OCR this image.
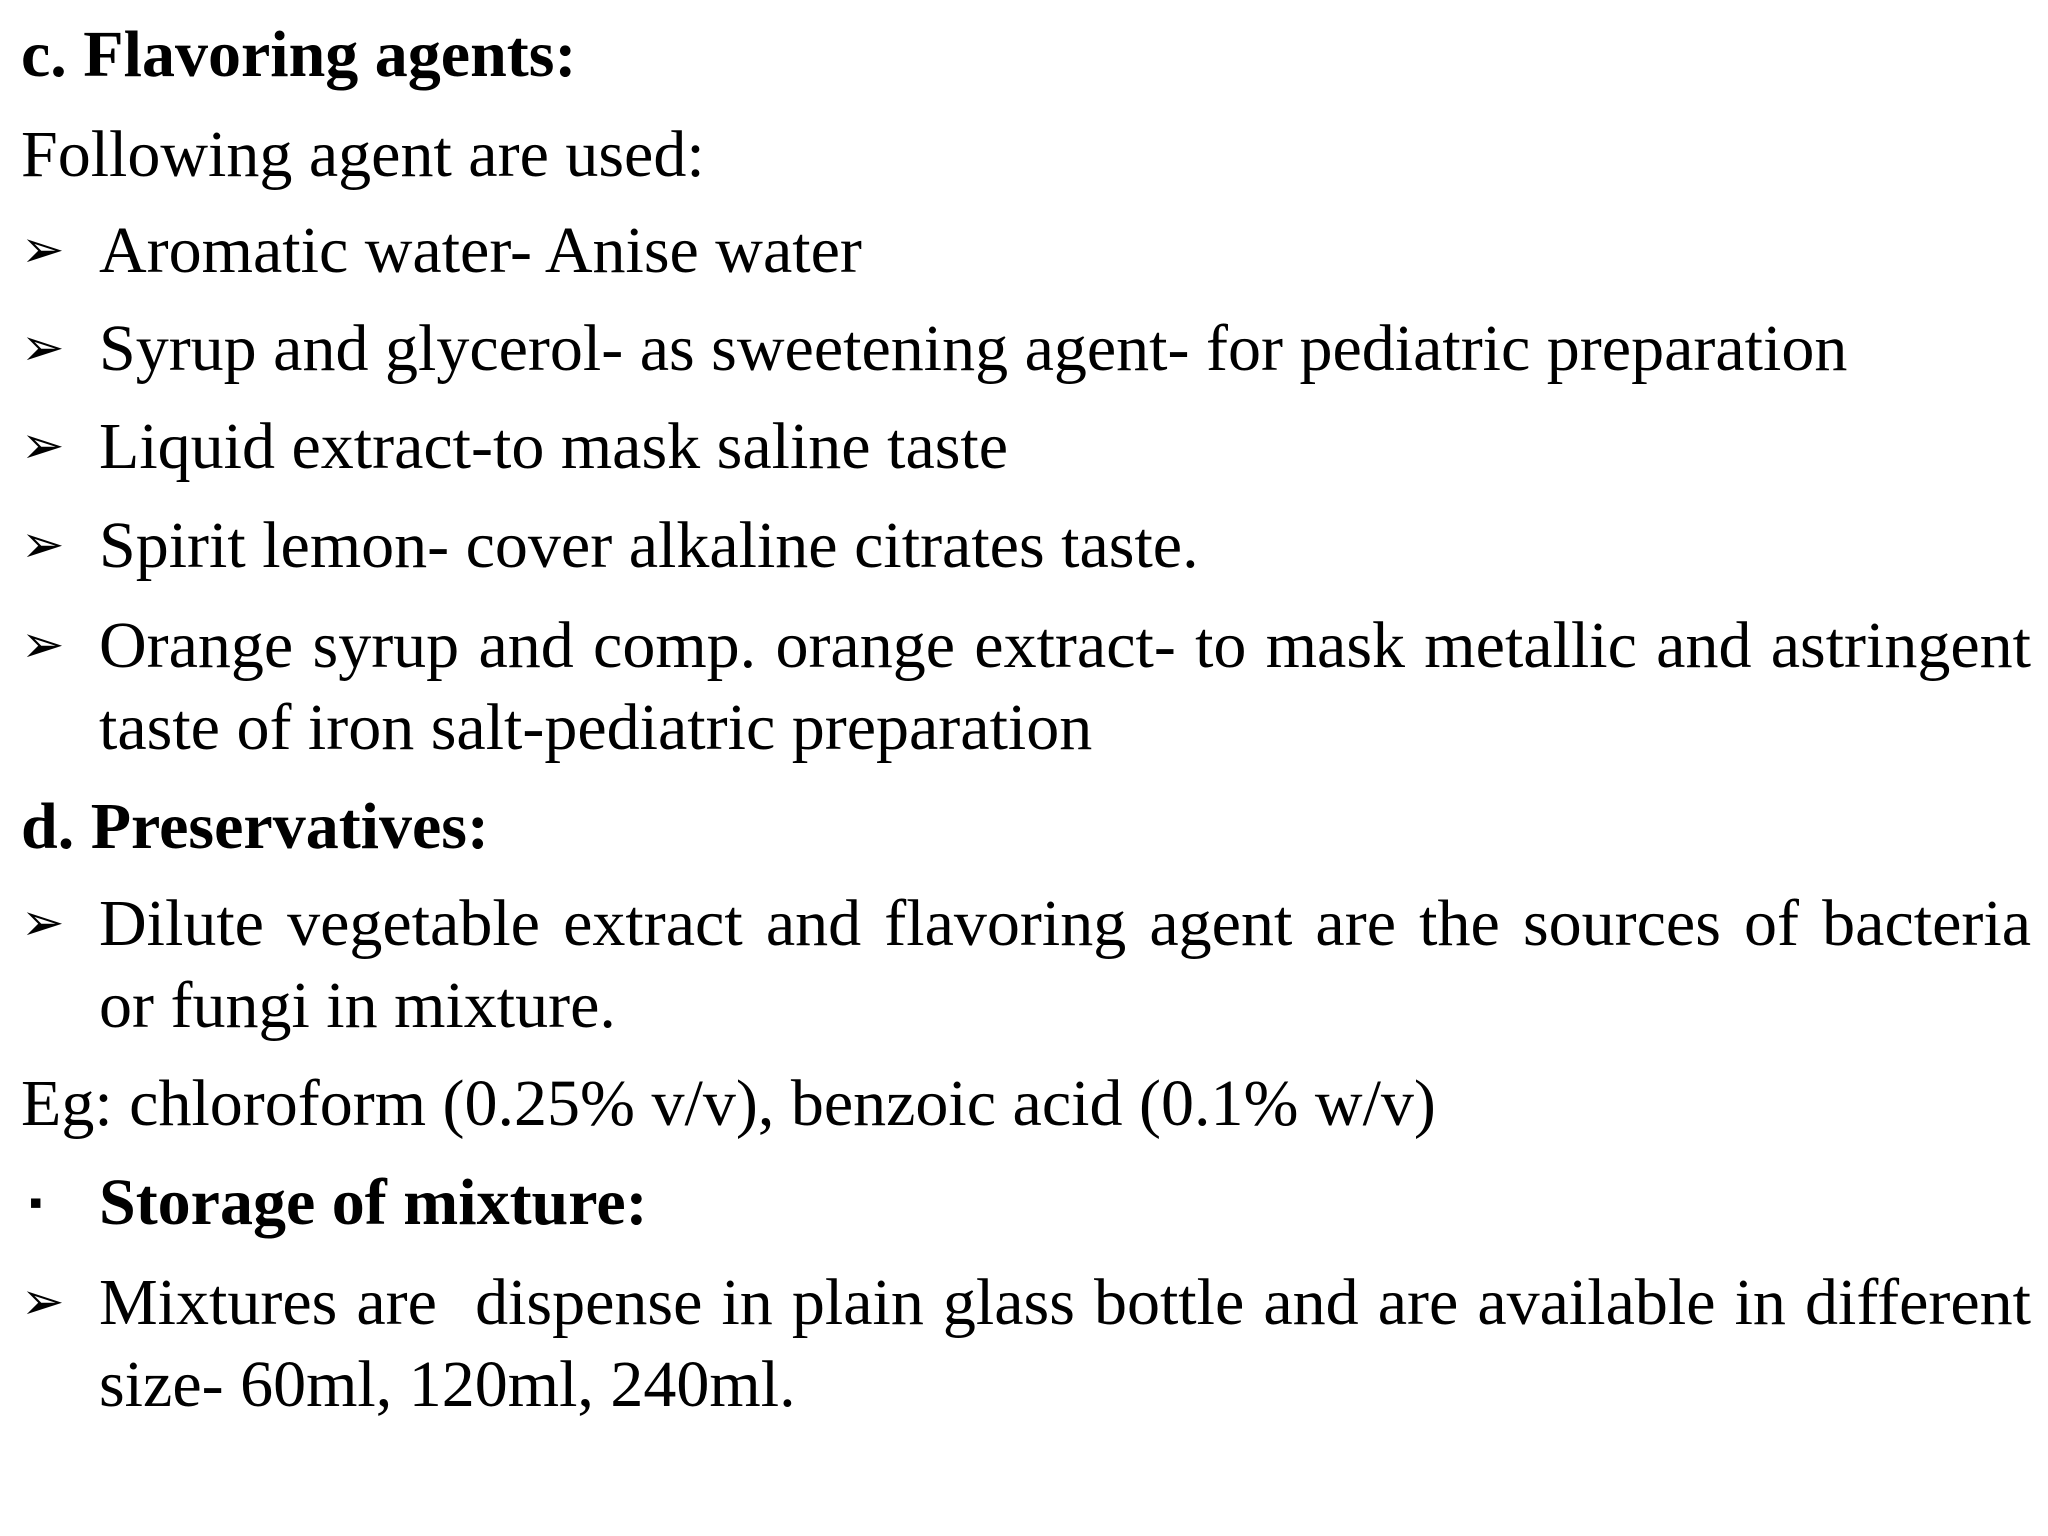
c. Flavoring agents:
Following agent are used:
➢ Aromatic water- Anise water
➢ Syrup and glycerol- as sweetening agent- for pediatric preparation
➢ Liquid extract-to mask saline taste
➢ Spirit lemon- cover alkaline citrates taste.
➢ Orange syrup and comp. orange extract- to mask metallic and astringent taste of iron salt-pediatric preparation
d. Preservatives:
➢ Dilute vegetable extract and flavoring agent are the sources of bacteria or fungi in mixture.
Eg: chloroform (0.25% v/v), benzoic acid (0.1% w/v)
▪ Storage of mixture:
➢ Mixtures are  dispense in plain glass bottle and are available in different size- 60ml, 120ml, 240ml.
